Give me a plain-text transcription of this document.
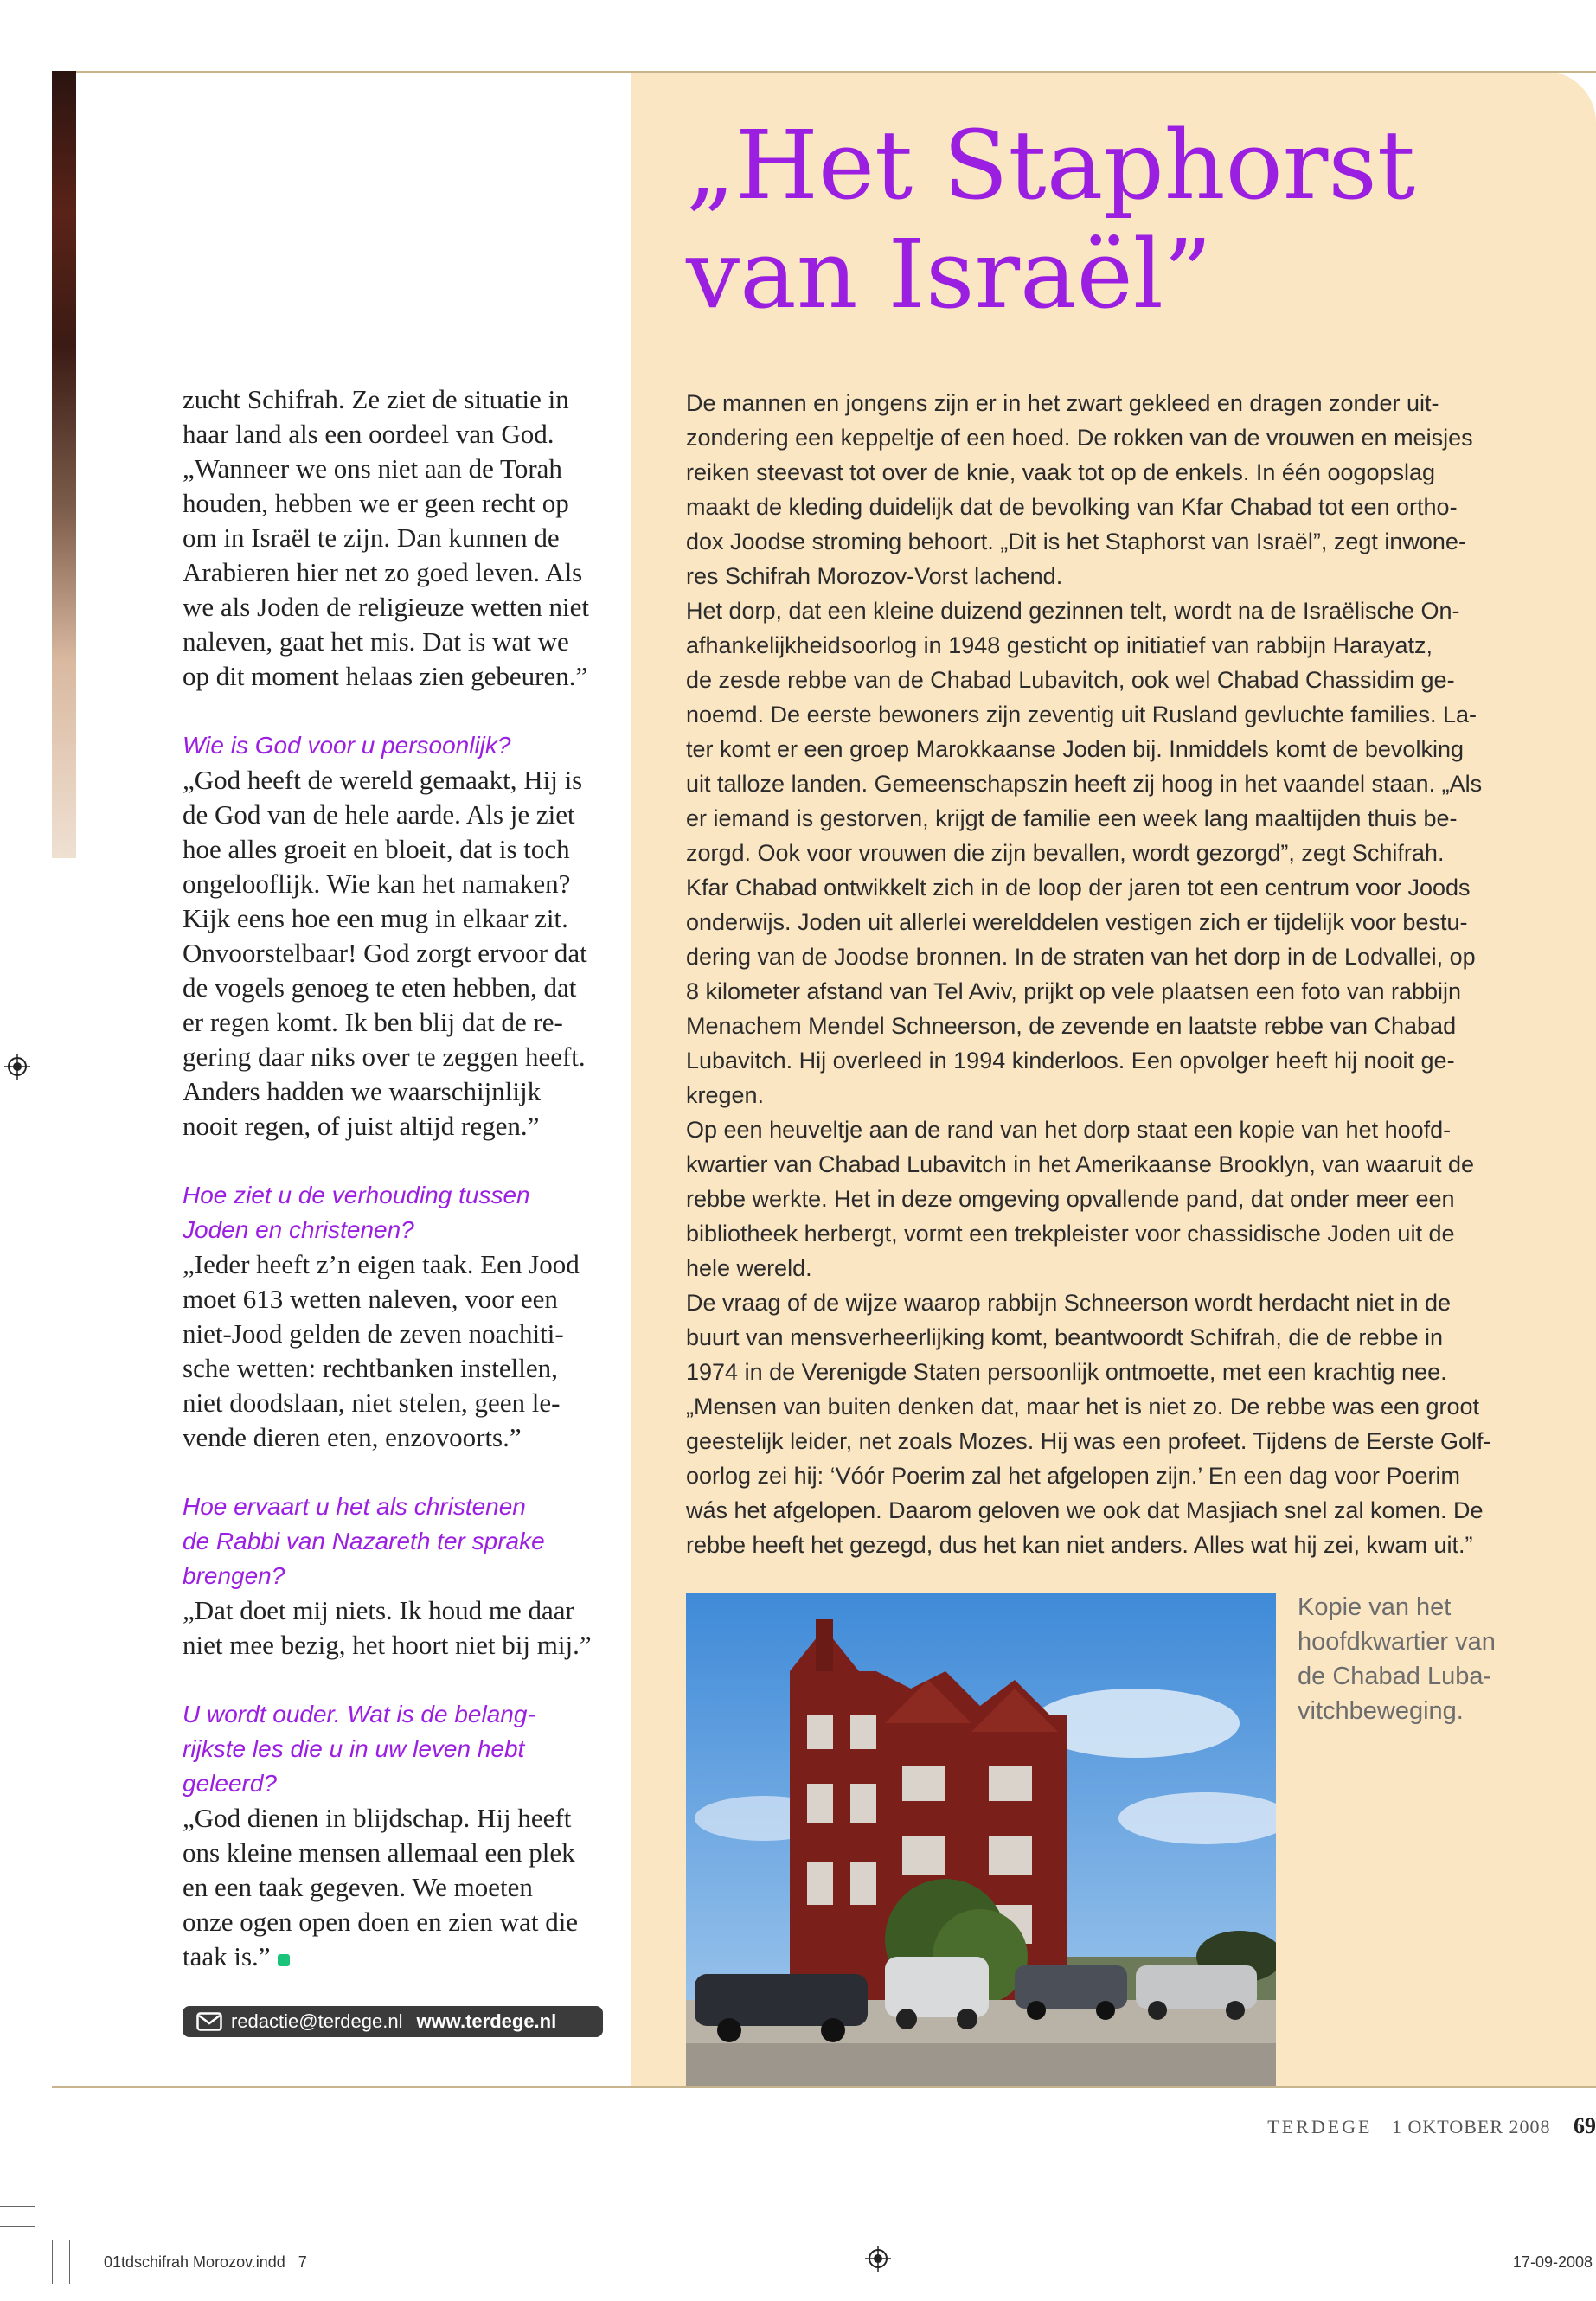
„Het Staphorst
van Israël”

zucht Schifrah. Ze ziet de situatie in
haar land als een oordeel van God.
„Wanneer we ons niet aan de Torah
houden, hebben we er geen recht op
om in Israël te zijn. Dan kunnen de
Arabieren hier net zo goed leven. Als
we als Joden de religieuze wetten niet
naleven, gaat het mis. Dat is wat we
op dit moment helaas zien gebeuren.”

Wie is God voor u persoonlijk?

„God heeft de wereld gemaakt, Hij is
de God van de hele aarde. Als je ziet
hoe alles groeit en bloeit, dat is toch
ongelooflijk. Wie kan het namaken?
Kijk eens hoe een mug in elkaar zit.
Onvoorstelbaar! God zorgt ervoor dat
de vogels genoeg te eten hebben, dat
er regen komt. Ik ben blij dat de re-
gering daar niks over te zeggen heeft.
Anders hadden we waarschijnlijk
nooit regen, of juist altijd regen.”

Hoe ziet u de verhouding tussen
Joden en christenen?

„Ieder heeft z’n eigen taak. Een Jood
moet 613 wetten naleven, voor een
niet-Jood gelden de zeven noachiti-
sche wetten: rechtbanken instellen,
niet doodslaan, niet stelen, geen le-
vende dieren eten, enzovoorts.”

Hoe ervaart u het als christenen
de Rabbi van Nazareth ter sprake
brengen?

„Dat doet mij niets. Ik houd me daar
niet mee bezig, het hoort niet bij mij.”

U wordt ouder. Wat is de belang-
rijkste les die u in uw leven hebt
geleerd?

„God dienen in blijdschap. Hij heeft
ons kleine mensen allemaal een plek
en een taak gegeven. We moeten
onze ogen open doen en zien wat die
taak is.”

De mannen en jongens zijn er in het zwart gekleed en dragen zonder uit-
zondering een keppeltje of een hoed. De rokken van de vrouwen en meisjes
reiken steevast tot over de knie, vaak tot op de enkels. In één oogopslag
maakt de kleding duidelijk dat de bevolking van Kfar Chabad tot een ortho-
dox Joodse stroming behoort. „Dit is het Staphorst van Israël”, zegt inwone-
res Schifrah Morozov-Vorst lachend.
Het dorp, dat een kleine duizend gezinnen telt, wordt na de Israëlische On-
afhankelijkheidsoorlog in 1948 gesticht op initiatief van rabbijn Harayatz,
de zesde rebbe van de Chabad Lubavitch, ook wel Chabad Chassidim ge-
noemd. De eerste bewoners zijn zeventig uit Rusland gevluchte families. La-
ter komt er een groep Marokkaanse Joden bij. Inmiddels komt de bevolking
uit talloze landen. Gemeenschapszin heeft zij hoog in het vaandel staan. „Als
er iemand is gestorven, krijgt de familie een week lang maaltijden thuis be-
zorgd. Ook voor vrouwen die zijn bevallen, wordt gezorgd”, zegt Schifrah.
Kfar Chabad ontwikkelt zich in de loop der jaren tot een centrum voor Joods
onderwijs. Joden uit allerlei werelddelen vestigen zich er tijdelijk voor bestu-
dering van de Joodse bronnen. In de straten van het dorp in de Lodvallei, op
8 kilometer afstand van Tel Aviv, prijkt op vele plaatsen een foto van rabbijn
Menachem Mendel Schneerson, de zevende en laatste rebbe van Chabad
Lubavitch. Hij overleed in 1994 kinderloos. Een opvolger heeft hij nooit ge-
kregen.
Op een heuveltje aan de rand van het dorp staat een kopie van het hoofd-
kwartier van Chabad Lubavitch in het Amerikaanse Brooklyn, van waaruit de
rebbe werkte. Het in deze omgeving opvallende pand, dat onder meer een
bibliotheek herbergt, vormt een trekpleister voor chassidische Joden uit de
hele wereld.
De vraag of de wijze waarop rabbijn Schneerson wordt herdacht niet in de
buurt van mensverheerlijking komt, beantwoordt Schifrah, die de rebbe in
1974 in de Verenigde Staten persoonlijk ontmoette, met een krachtig nee.
„Mensen van buiten denken dat, maar het is niet zo. De rebbe was een groot
geestelijk leider, net zoals Mozes. Hij was een profeet. Tijdens de Eerste Golf-
oorlog zei hij: ‘Vóór Poerim zal het afgelopen zijn.’ En een dag voor Poerim
wás het afgelopen. Daarom geloven we ook dat Masjiach snel zal komen. De
rebbe heeft het gezegd, dus het kan niet anders. Alles wat hij zei, kwam uit.”

Kopie van het
hoofdkwartier van
de Chabad Luba-
vitchbeweging.
redactie@terdege.nl www.terdege.nl
TERDEGE 1 OKTOBER 2008 69
01tdschifrah Morozov.indd   7	17-09-2008
